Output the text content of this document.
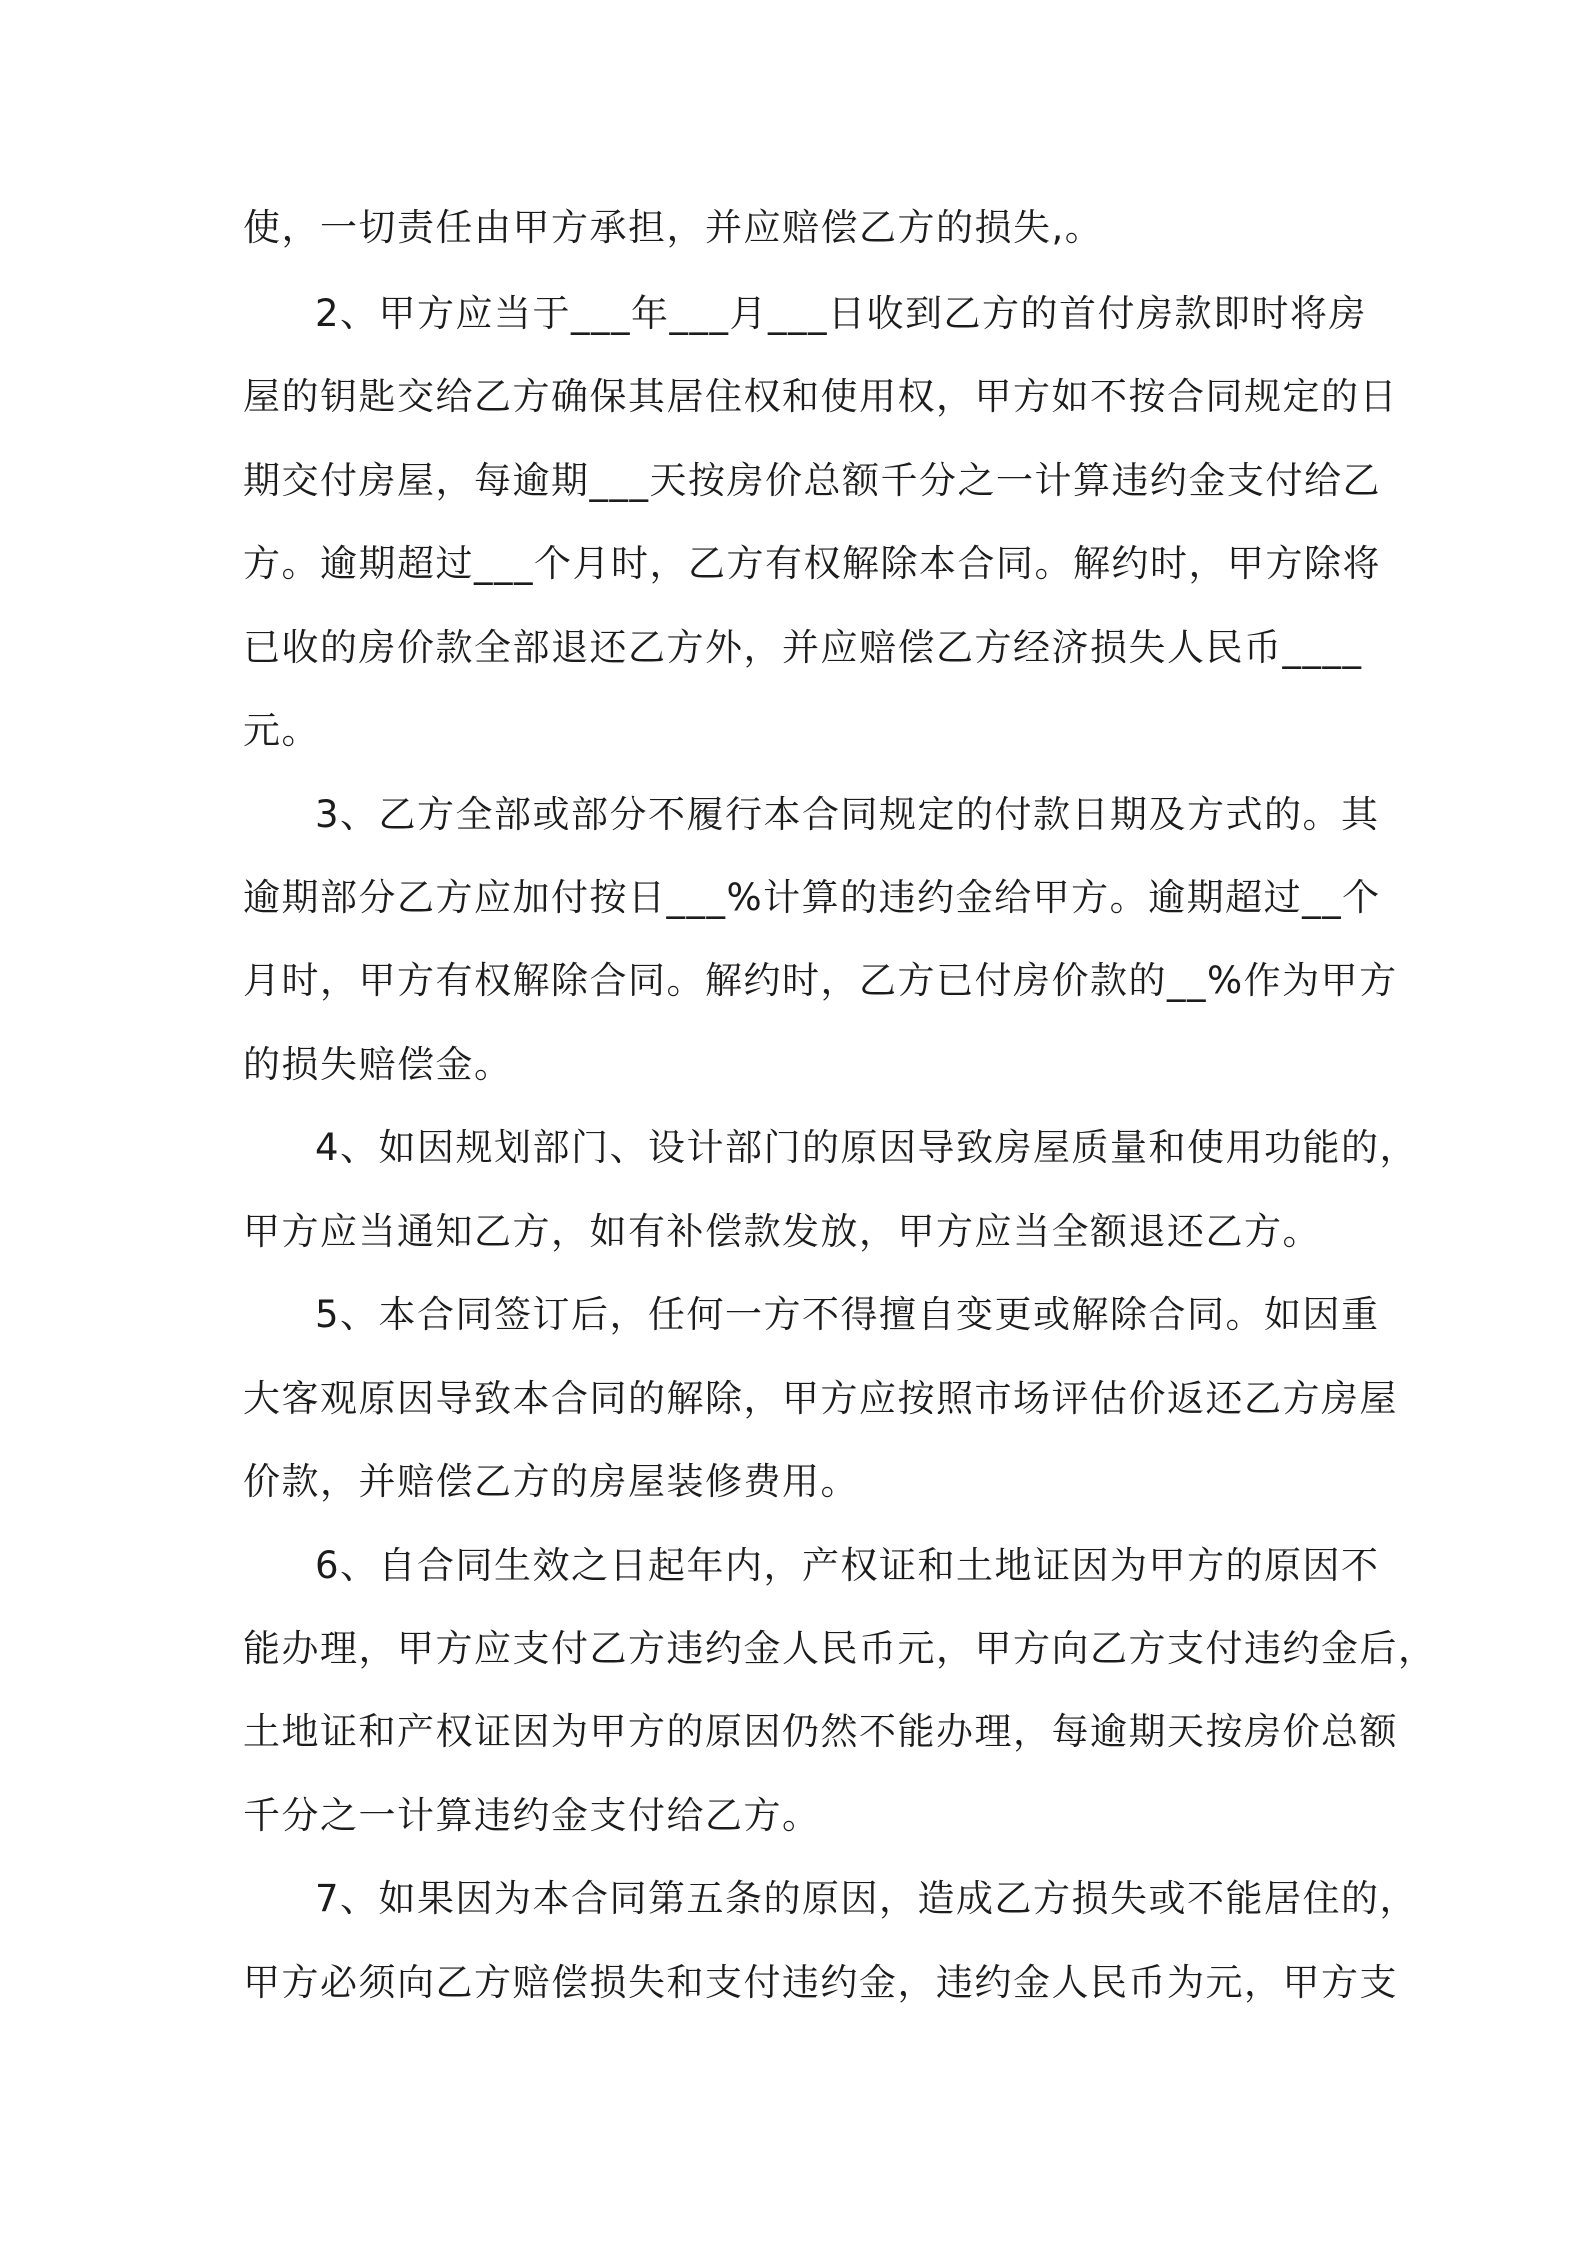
使，一切责任由甲方承担，并应赔偿乙方的损失,。
2、甲方应当于___年___月___日收到乙方的首付房款即时将房
屋的钥匙交给乙方确保其居住权和使用权，甲方如不按合同规定的日
期交付房屋，每逾期___天按房价总额千分之一计算违约金支付给乙
方。逾期超过___个月时，乙方有权解除本合同。解约时，甲方除将
已收的房价款全部退还乙方外，并应赔偿乙方经济损失人民币____
元。
3、乙方全部或部分不履行本合同规定的付款日期及方式的。其
逾期部分乙方应加付按日___%计算的违约金给甲方。逾期超过__个
月时，甲方有权解除合同。解约时，乙方已付房价款的__%作为甲方
的损失赔偿金。
4、如因规划部门、设计部门的原因导致房屋质量和使用功能的，
甲方应当通知乙方，如有补偿款发放，甲方应当全额退还乙方。
5、本合同签订后，任何一方不得擅自变更或解除合同。如因重
大客观原因导致本合同的解除，甲方应按照市场评估价返还乙方房屋
价款，并赔偿乙方的房屋装修费用。
6、自合同生效之日起年内，产权证和土地证因为甲方的原因不
能办理，甲方应支付乙方违约金人民币元，甲方向乙方支付违约金后，
土地证和产权证因为甲方的原因仍然不能办理，每逾期天按房价总额
千分之一计算违约金支付给乙方。
7、如果因为本合同第五条的原因，造成乙方损失或不能居住的，
甲方必须向乙方赔偿损失和支付违约金，违约金人民币为元，甲方支
